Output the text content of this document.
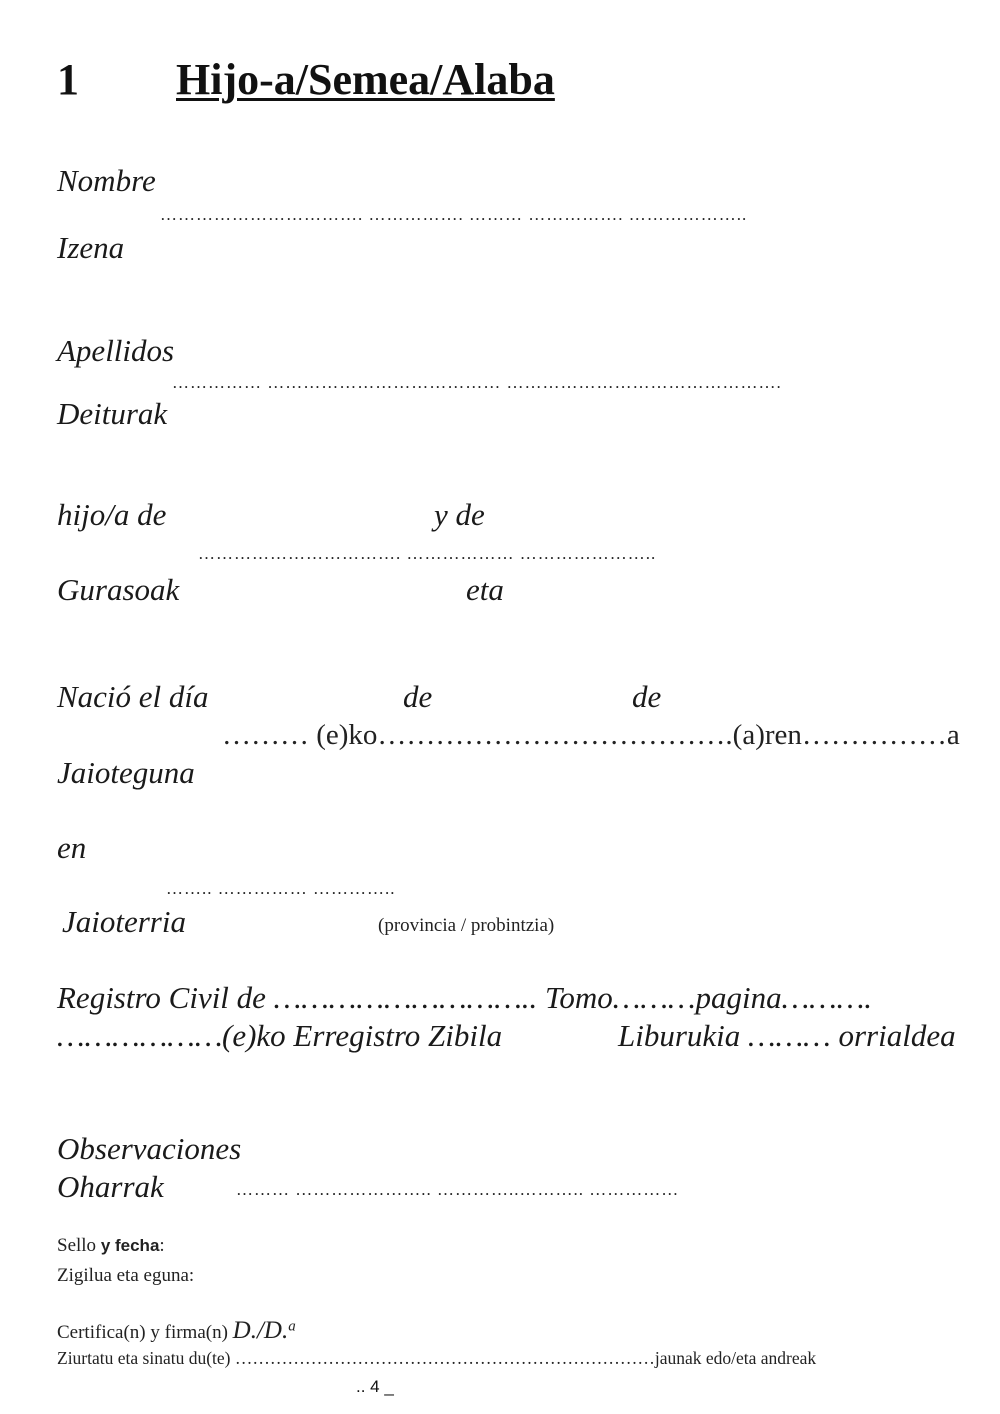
1 Hijo-a/Semea/Alaba
Nombre
……………………………. ……………. ……… ……………. ………………..
Izena
Apellidos
…………… ………………………………… ……………………………………….
Deiturak
hijo/a de	y de
……………………………. ……………… …………………..
Gurasoak	eta
Nació el día	de	de
……… (e)ko……………………………….(a)ren……………a
Jaioteguna
en
…….. …………… …………..
Jaioterria	(provincia / probintzia)
Registro Civil de ……………………….. Tomo………pagina……….
……………… (e)ko Erregistro Zibila	Liburukia ……… orrialdea
Observaciones
Oharrak	……… ………………….. …………..……….. ……………
Sello y fecha:
Zigilua eta eguna:
Certifica(n) y firma(n) D./D.$^a$
Ziurtatu eta sinatu du(te) ………………………………………………………………jaunak edo/eta andreak
.. 4 _
